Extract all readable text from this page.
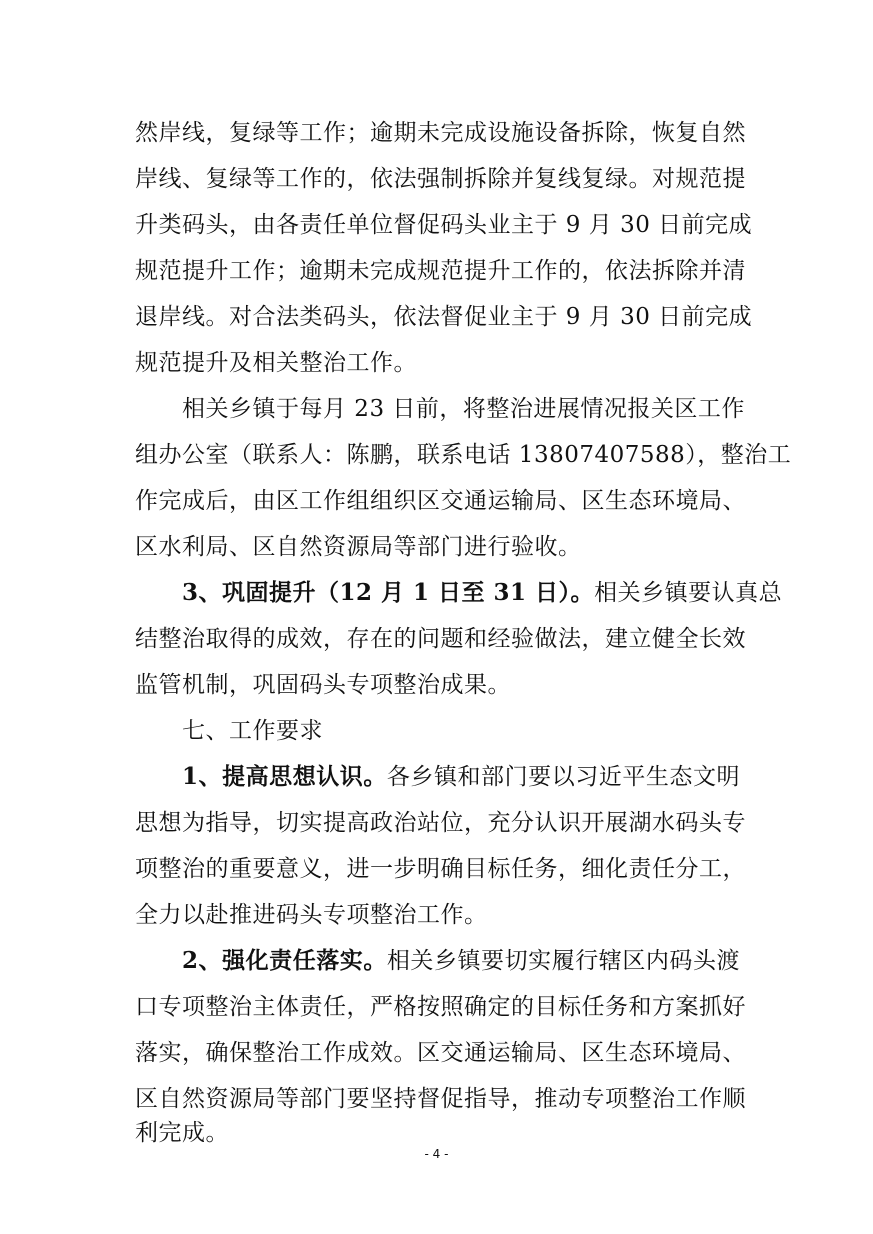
然岸线，复绿等工作；逾期未完成设施设备拆除，恢复自然
岸线、复绿等工作的，依法强制拆除并复线复绿。对规范提
升类码头，由各责任单位督促码头业主于 9 月 30 日前完成
规范提升工作；逾期未完成规范提升工作的，依法拆除并清
退岸线。对合法类码头，依法督促业主于 9 月 30 日前完成
规范提升及相关整治工作。
相关乡镇于每月 23 日前，将整治进展情况报关区工作
组办公室（联系人：陈鹏，联系电话 13807407588），整治工
作完成后，由区工作组组织区交通运输局、区生态环境局、
区水利局、区自然资源局等部门进行验收。
3、巩固提升（12 月 1 日至 31 日）。相关乡镇要认真总
结整治取得的成效，存在的问题和经验做法，建立健全长效
监管机制，巩固码头专项整治成果。
七、工作要求
1、提高思想认识。各乡镇和部门要以习近平生态文明
思想为指导，切实提高政治站位，充分认识开展湖水码头专
项整治的重要意义，进一步明确目标任务，细化责任分工，
全力以赴推进码头专项整治工作。
2、强化责任落实。相关乡镇要切实履行辖区内码头渡
口专项整治主体责任，严格按照确定的目标任务和方案抓好
落实，确保整治工作成效。区交通运输局、区生态环境局、
区自然资源局等部门要坚持督促指导，推动专项整治工作顺
利完成。
- 4 -
